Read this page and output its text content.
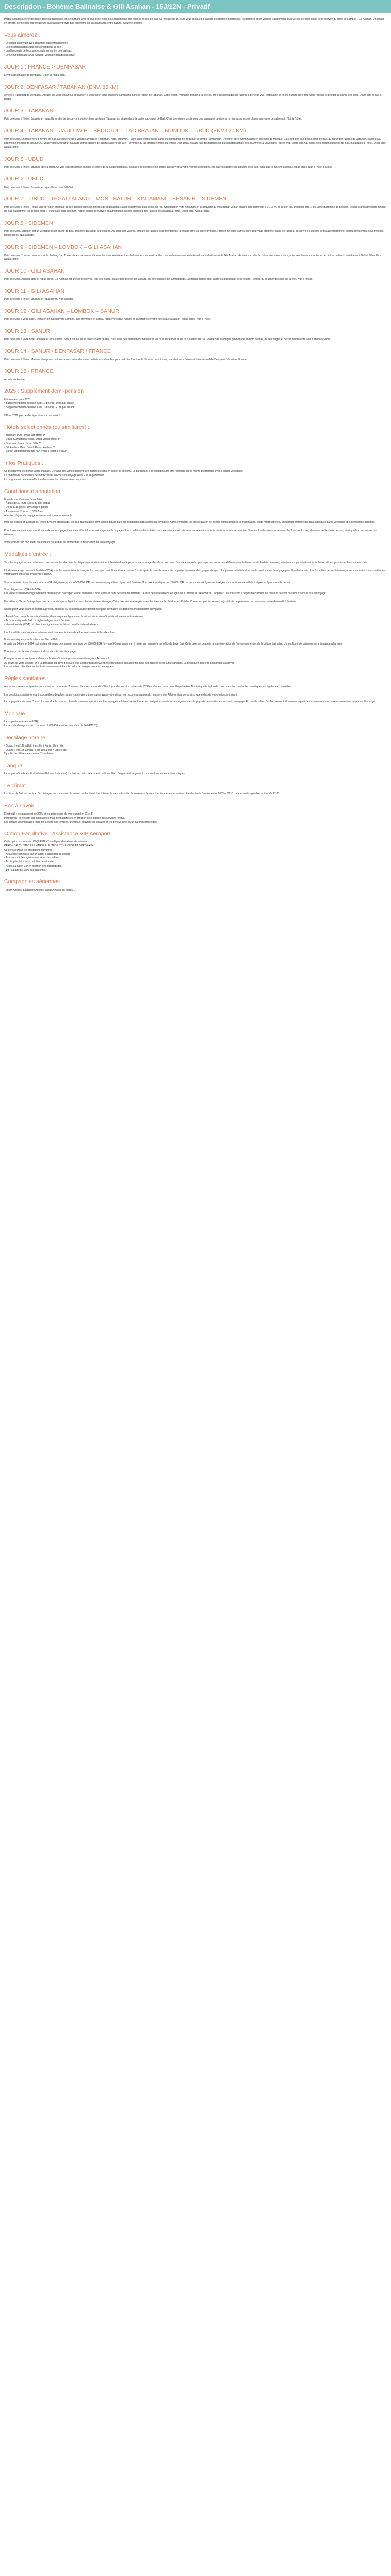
Description - Bohème Balinaise & Gili Asahan - 15J/12N - Privatif

Partez à la découverte de Bali et toute la tranquillité, en séjournant avec la plus belle et les plus authentique des régions de l'île de Bali. Ce voyage de 15 jours vous conduira à travers les rizières en terrasses, les temples et les villages traditionnels, puis vers la sérénité d'une île préservée au large de Lombok : Gili Asahan. Un circuit en privatif, pensé pour les voyageurs qui souhaitent vivre Bali au rythme de ses habitants, entre nature, culture et détente.

Vous aimerez :

- Le circuit en privatif avec chauffeur guide francophone.
- Les incontournables des sites prestigieux de l'île.
- La découverte de lieux secrets à la rencontre des balinais.
- Le séjour balnéaire à Gili Asahan, véritable paradis préservé.

JOUR 1 : FRANCE > DENPASAR

Envol à destination de Denpasar. Dîner et nuit à bord.

JOUR 2: DENPASAR / TABANAN (ENV. 85KM)

Arrivée à l'aéroport de Denpasar. Accueil par votre chauffeur et transfert à votre hôtel situé en pleine campagne dans la région de Tabanan. Cette région, véritable grenier à riz de l'île, offre des paysages de rizières à perte de vue. Installation et fin de journée libre pour vous reposer et profiter du calme des lieux. Dîner libre et nuit à l'hôtel.

JOUR 3 - TABANAN

Petit déjeuner à l'hôtel. Journée et repas libres afin de découvrir à votre rythme la région. Tabanan est située dans la partie sud-ouest de Bali. C'est une région prisée pour ses paysages de rizières en terrasses et ses plages sauvages de sable noir. Nuit à l'hôtel.

JOUR 4 - TABANAN – JATILUWIH – BEDUGUL – LAC BRATAN – MUNDUK – UBUD (ENV.120 KM)

Petit déjeuner. En route vers le centre de Bali. Découverte de 3 villages atypiques : Tabanan, Kuta, Jatiluwih... Visite d'un temple niché dans les montagnes de Bedugul : le temple Tamblingan. Déjeuner libre. Continuation en direction de Munduk. C'est l'un des plus beaux sites de Bali, au cœur des rizières de Jatiluwih, classées au patrimoine mondial de l'UNESCO. Vous y découvrirez un paysage extraordinaire de rizières à perte de vue. Traversée du lac Bratan et visite du temple Ulun Danu Bratan, l'un des temples les plus photographiés de l'île. Arrivée à Ubud dans l'après-midi. Vous serez au cœur de la région culturelle de Bali. Installation à l'hôtel. Dîner libre. Nuit à l'hôtel.

JOUR 5 - UBUD

Petit déjeuner à l'hôtel. Journée libre à Ubud. La ville est considérée comme le centre de la culture balinaise, entourée de rizières et de jungle. Découvrez à votre rythme les temples, les galeries d'art et les artisans de la ville, ainsi que le marché d'Ubud. Repas libres. Nuit à l'hôtel à Ubud.

JOUR 6 - UBUD

Petit déjeuner à l'hôtel. Journée et repas libres. Nuit à l'hôtel.

JOUR 7 – UBUD – TEGALLALANG – MONT BATUR – KINTAMANI – BESAKIH – SIDEMEN

Petit déjeuner à l'hôtel. Route vers la région orientale de l'île. Balade dans les rizières de Tegallalang, classées parmi les plus belles de l'île. Continuation vers Kintamani et découverte du mont Batur, volcan encore actif culminant à 1 717 m, et de son lac. Déjeuner libre. Puis visite du temple de Besakih, le plus grand sanctuaire hindou de Bali, surnommé « le temple mère ». Poursuite vers Sidemen, région encore préservée et authentique, nichée au milieu des rizières. Installation à l'hôtel. Dîner libre. Nuit à l'hôtel.

JOUR 8 - SIDEMEN

Petit déjeuner. Sidemen est un véritable trésor caché de Bali, préservé des afflux touristiques. Au cœur des vallées, entouré de rizières et de montagnes, le village offre un cadre idyllique. Profitez de cette journée libre pour vous promener dans les rizières, découvrir les ateliers de tissage traditionnel ou tout simplement vous reposer. Repas libres. Nuit à l'hôtel.

JOUR 9 - SIDEMEN – LOMBOK – GILI ASAHAN

Petit déjeuner. Transfert vers le port de Padang Bai. Traversée en bateau rapide vers Lombok. Arrivée et transfert vers le sud-ouest de l'île, puis embarquement en bateau local à destination de Gili Asahan. Arrivée sur cette île préservée, sans voiture, entourée d'eaux turquoise et de récifs coralliens. Installation à l'hôtel. Dîner libre. Nuit à l'hôtel.

JOUR 10 - GILI ASAHAN

Petit déjeuner. Journée libre et repas libres. Gili Asahan est une île préservée, loin des foules, idéale pour profiter de la plage, du snorkeling et de la tranquillité. Les fonds marins sont parmi les plus beaux de la région. Profitez du coucher de soleil sur la mer. Nuit à l'hôtel.

JOUR 11 - GILI ASAHAN

Petit déjeuner à l'hôtel. Journée et repas libres. Nuit à l'hôtel.

JOUR 12 - GILI ASAHAN – LOMBOK – SANUR

Petit déjeuner à votre hôtel. Transfert en bateau vers Lombok, puis traversée en bateau rapide vers Bali. Arrivée et transfert vers votre hôtel situé à Sanur. Repas libres. Nuit à l'hôtel.

JOUR 13 - SANUR

Petit déjeuner à votre hôtel. Journée et repas libres. Sanur, située sur la côte sud-est de Bali, c'est l'une des destinations balnéaires les plus anciennes et les plus calmes de l'île. Profitez de sa longue promenade en bord de mer, de ses plages et de ses restaurants. Nuit à l'hôtel à Sanur.

JOUR 14 - SANUR / DENPASAR / FRANCE

Petit déjeuner à l'hôtel. Matinée libre pour continuer à vous détendre avant de libérer la chambre pour midi. En fonction de l'horaire de votre vol, transfert vers l'aéroport international de Denpasar. Vol retour France.

JOUR 15 - FRANCE

Arrivée en France.

2025 : Supplément demi-pension

Uniquement pour 2025 :
* Supplément demi-pension sud (11 dîners) : 304€ par adulte
* Supplément demi-pension sud (11 dîners) : 213€ par enfant

!! Pour 2026 pas de demi-pension sur ce circuit !!

Hôtels sélectionnés (ou similaires) :

- Tabanan: Puri Taman Sari Hotel 3*
- Ubud: Suwastama Villas / Ubud Village Hotel 3*
- Sidemen: Sawah Indah Villa 3*
- Gili Asahan: Pearl Beach Resort Asahan 3*
- Sanur: Jimbaran Puri Bali / Sri Phala Resort & Villa 3*

Infos Pratiques :

Ce programme est donné à titre indicatif. Certains des visites peuvent être modifiées sans en altérer le contenu. Le participant à ce circuit pourra être regroupé sur le même programme avec d'autres voyageurs.
Le nombre de participants peut donc varier au cours du voyage entre 2 et 16 personnes.
Le programme peut être effectué dans un ordre différent selon les jours.

Conditions d'annulation

Frais de modifications / annulation :
- À plus de 30 jours : 35% du prix global
- De 30 à 15 jours : 50% du prix global
- À moins de 15 jours : 100% frais
Attention, l'ajout de bagage optionnel est non remboursable.

Pour les ventes en assurance, Travel System et package, les frais d'annulation sont ceux indiqués dans les conditions particulières du voyagiste. Après émission, les billets d'avion ne sont ni remboursables, ni modifiables. Toute modification ou annulation entraîne des frais appliqués par le voyagiste et la compagnie aérienne.

Pour toute annulation ou modification de votre voyage, il convient d'en informer votre agence de voyages. Les conditions d'annulation de votre séjour sont précisées dans les documents remis lors de la réservation. Sont exclus des remboursements les frais de dossier, d'assurance, les frais de visa, ainsi que les prestations non utilisées.

Vous recevrez un document récapitulatif par e-mail au moment de la réservation de votre voyage.

Modalités d'entrée :

Tous les voyageurs devront être en possession des documents obligatoires et nécessaires à l'entrée dans le pays ou au passage dans le ou les pays d'escale éventuels : passeport en cours de validité et valable 6 mois après la date de retour, autorisations parentales et formulaires officiels pour les enfants mineurs, etc.

L'Indonésie exige un visa à l'arrivée (VOA) pour les ressortissants français. Le passeport doit être valide au moins 6 mois après la date de retour et comporter au moins deux pages vierges. Une preuve de billet retour ou de continuation de voyage peut être demandée. Les formalités peuvent évoluer, nous vous invitons à consulter les informations officielles avant votre départ.

Visa Indonésie : taxe d'entrée et visa VOA obligatoire, environ 500 000 IDR par personne payable en ligne ou à l'arrivée. Une taxe touristique de 150 000 IDR par personne est également exigée pour toute entrée à Bali, à régler en ligne avant le départ.

Visa obligatoire : VISA à la VOA
Les visiteurs devront obligatoirement présenter un passeport valide au moins 6 mois après la date de sortie du territoire. Le visa peut être obtenu en ligne ou à l'arrivée à l'aéroport de Denpasar. Les frais sont à régler directement sur place et ne sont pas inclus dans le prix du voyage.

Par ailleurs, l'île de Bali applique une taxe touristique obligatoire pour chaque visiteur étranger. Cette taxe doit être réglée avant l'arrivée via la plateforme officielle. Conservez précieusement le justificatif de paiement qui pourra vous être demandé à l'arrivée.

Renseignez-vous avant le départ auprès du consulat ou de l'ambassade d'Indonésie pour connaître les dernières modifications en vigueur.

- Arrival Card : remplir la carte d'arrivée électronique en ligne avant le départ via le site officiel des douanes indonésiennes.
- Taxe touristique de Bali : à régler en ligne avant l'arrivée.
- Visa à l'arrivée (VOA) : à obtenir en ligne avant le départ ou à l'arrivée à l'aéroport.

Les formalités mentionnées ci-dessus sont données à titre indicatif et sont susceptibles d'évoluer.

Frais touristiques pour le séjour sur l'île de Bali :
À partir du 14 février 2024 tout visiteur étranger devra payer une taxe de 150 000 IDR (environ 9€) par personne, à régler sur la plateforme officielle Love Bali. Cette taxe est destinée à la préservation de l'environnement et de la culture balinaise. Un justificatif de paiement sera demandé à l'arrivée.

Pour ce circuit, la taxe n'est pas incluse dans le prix du voyage.

Pourquoi nous ne sont pas visibles sur le site officiel du gouvernement français « Arrivée » ?
Au cours de votre voyage, et à la demande du pays d'accueil, vos coordonnées peuvent être transmises aux autorités pour des raisons de sécurité sanitaire. La procédure peut être demandée à l'arrivée.
Les données collectées sont utilisées uniquement dans le cadre de la réglementation en vigueur.

Règles sanitaires :

Aucun vaccin n'est obligatoire pour entrer en Indonésie. Toutefois, il est recommandé d'être à jour des vaccins universels (DTP) et des vaccins contre l'hépatite A et B, ainsi que la typhoïde. Une protection contre les moustiques est également conseillée.

Les conditions sanitaires étant susceptibles d'évoluer, nous vous invitons à consulter avant votre départ les recommandations du ministère des Affaires étrangères ainsi que celles de votre médecin traitant.

La propagation du virus Covid-19 a entraîné la mise en place de mesures spécifiques. Les voyageurs doivent se conformer aux exigences sanitaires en vigueur dans le pays de destination au moment du voyage. En cas de refus d'embarquement lié au non-respect de ces mesures, aucun remboursement ne pourra être exigé.

Monnaie

La roupie indonésienne (IDR).
Le taux de change est de : 1 euro = 17 000 IDR environ (à la date du 24/04/2025).

Décalage horaire

- Quand il est 12h à Bali, il est 6h à Paris / 7h en été.
- Quand il est 12h à Paris, il est 19h à Bali / 18h en été.
Il y a 6h de différence en été et 7h en hiver.

Langue

La langue officielle est l'indonésien (Bahasa Indonesia). Le balinais est couramment parlé sur l'île. L'anglais est largement compris dans les zones touristiques.

Le climat

Le climat de Bali est tropical. On distingue deux saisons : la saison sèche d'avril à octobre et la saison humide de novembre à mars. Les températures restent chaudes toute l'année, entre 26°C et 32°C. La mer reste agréable, autour de 27°C.

Bon à savoir

Électricité : le courant est de 220V et les prises sont de type européen (C et F).
Pourboires : ils ne sont pas obligatoires mais sont appréciés en fonction de la qualité des services rendus.
Les tenues vestimentaires : lors de la visite des temples, une tenue couvrant les épaules et les genoux ainsi qu'un sarong sont exigés.

Option Facultative : Assistance VIP Aéroport

Cette option est valable UNIQUEMENT au départ des aéroports suivants :
PARIS / ORLY / NANTES / MARSEILLE / NICE / TOULOUSE ET BORDEAUX
Ce service inclut les prestations suivantes :
- Accueil personnalisé par un agent à l'aéroport de départ.
- Assistance à l'enregistrement et aux formalités.
- Accès prioritaire aux contrôles de sécurité.
- Accès au salon VIP en fonction des disponibilités.
Tarif : à partir de 150€ par personne.

Compagnies aériennes

Turkish Airlines, Singapore Airlines, Qatar Airways ou autres...
